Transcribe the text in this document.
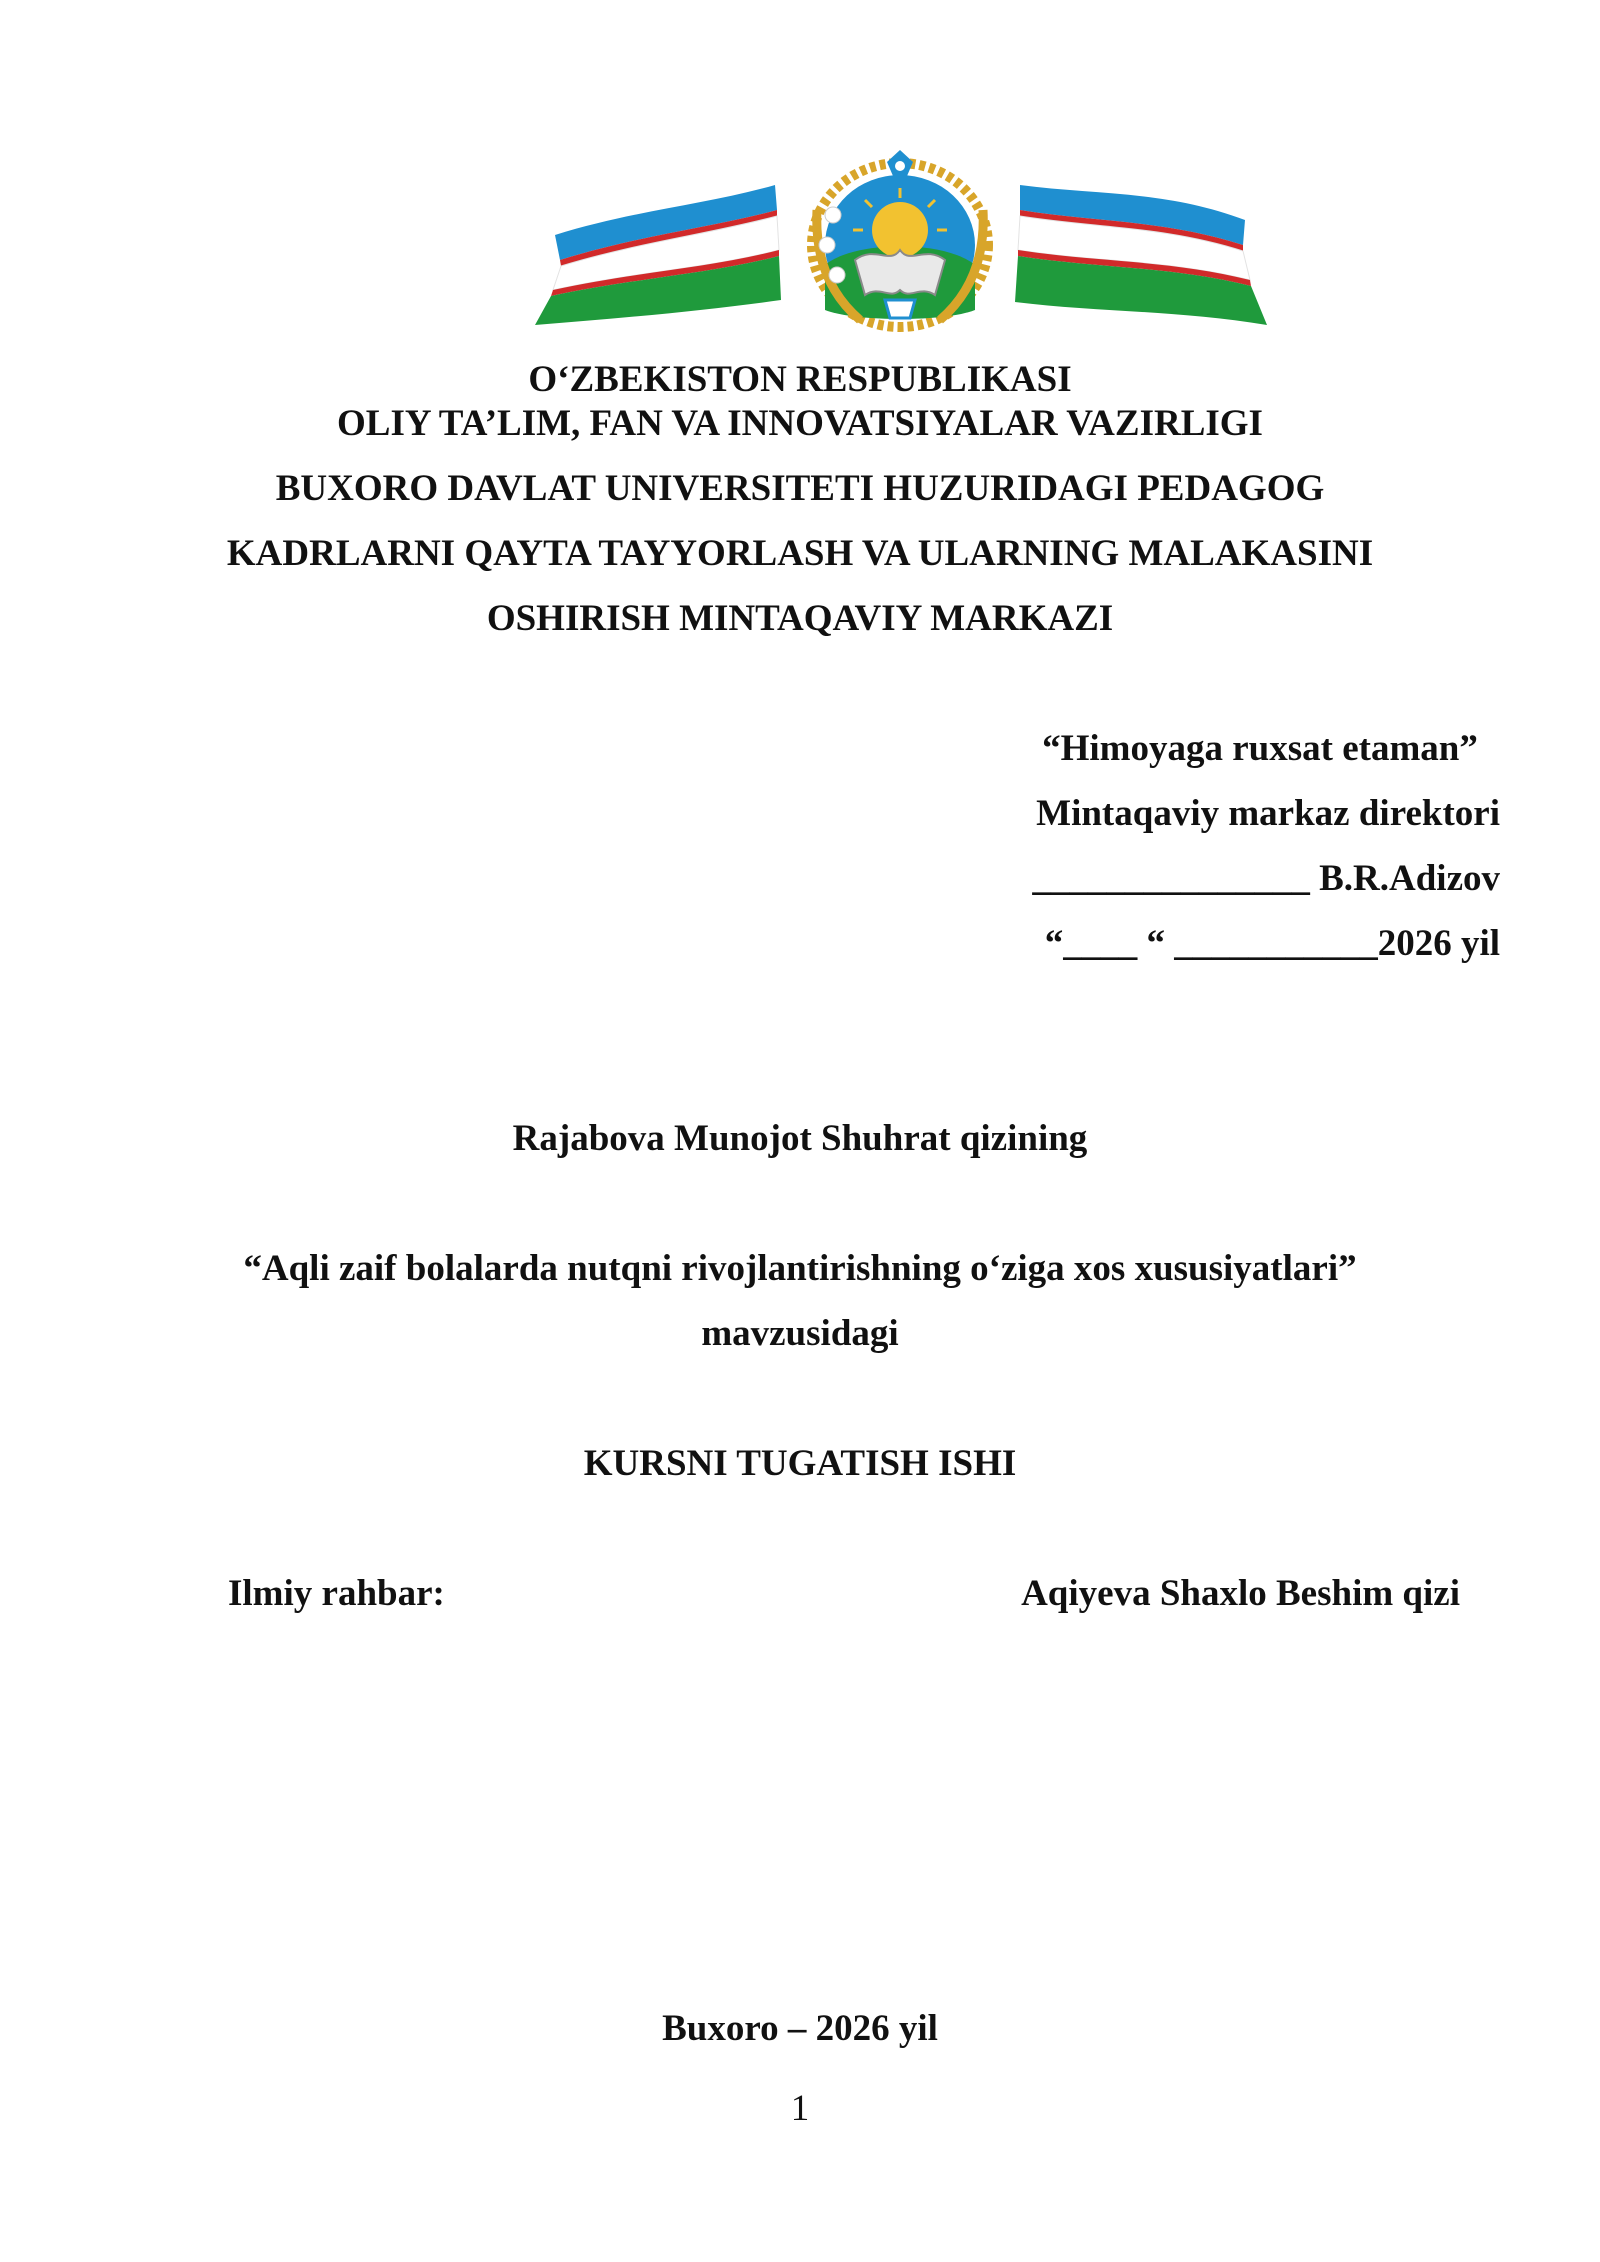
O‘ZBEKISTON RESPUBLIKASI
OLIY TA’LIM, FAN VA INNOVATSIYALAR VAZIRLIGI
BUXORO DAVLAT UNIVERSITETI HUZURIDAGI PEDAGOG
KADRLARNI QAYTA TAYYORLASH VA ULARNING MALAKASINI
OSHIRISH MINTAQAVIY MARKAZI
“Himoyaga ruxsat etaman”
Mintaqaviy markaz direktori
_______________ B.R.Adizov
“____ “ ___________2026 yil
Rajabova Munojot Shuhrat qizining
“Aqli zaif bolalarda nutqni rivojlantirishning o‘ziga xos xususiyatlari”
mavzusidagi
KURSNI TUGATISH ISHI
Ilmiy rahbar:	Aqiyeva Shaxlo Beshim qizi
Buxoro – 2026 yil
1
